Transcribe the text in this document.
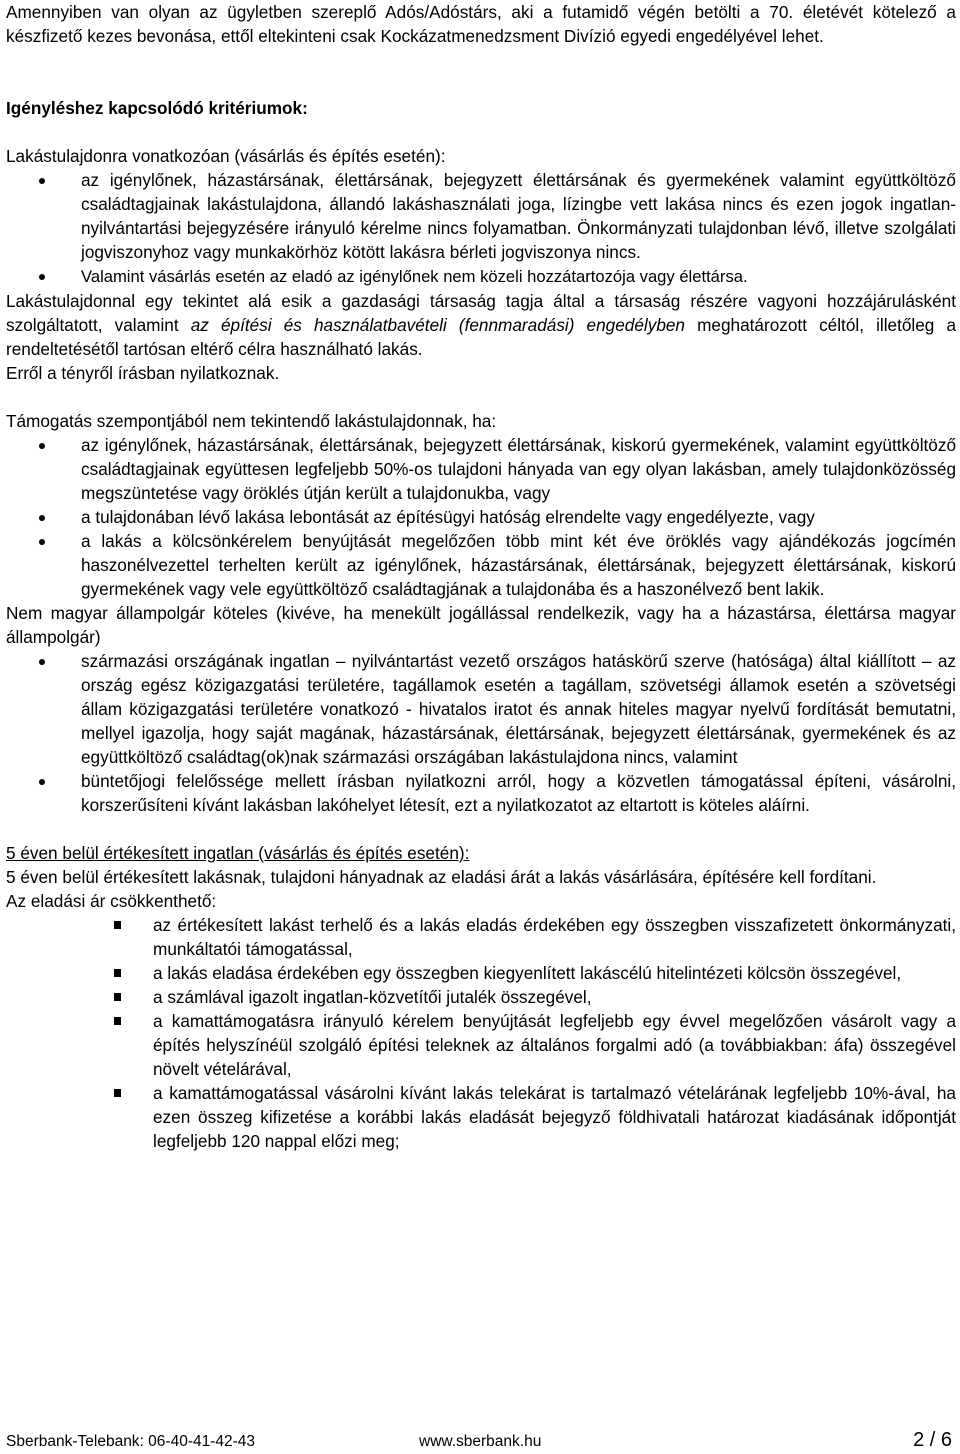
Amennyiben van olyan az ügyletben szereplő Adós/Adóstárs, aki a futamidő végén betölti a 70. életévét kötelező a készfizető kezes bevonása, ettől eltekinteni csak Kockázatmenedzsment Divízió egyedi engedélyével lehet.

Igényléshez kapcsolódó kritériumok:

Lakástulajdonra vonatkozóan (vásárlás és építés esetén):

az igénylőnek, házastársának, élettársának, bejegyzett élettársának és gyermekének valamint együttköltöző családtagjainak lakástulajdona, állandó lakáshasználati joga, lízingbe vett lakása nincs és ezen jogok ingatlan-nyilvántartási bejegyzésére irányuló kérelme nincs folyamatban. Önkormányzati tulajdonban lévő, illetve szolgálati jogviszonyhoz vagy munkakörhöz kötött lakásra bérleti jogviszonya nincs.
Valamint vásárlás esetén az eladó az igénylőnek nem közeli hozzátartozója vagy élettársa.

Lakástulajdonnal egy tekintet alá esik a gazdasági társaság tagja által a társaság részére vagyoni hozzájárulásként szolgáltatott, valamint az építési és használatbavételi (fennmaradási) engedélyben meghatározott céltól, illetőleg a rendeltetésétől tartósan eltérő célra használható lakás.

Erről a tényről írásban nyilatkoznak.

Támogatás szempontjából nem tekintendő lakástulajdonnak, ha:

az igénylőnek, házastársának, élettársának, bejegyzett élettársának, kiskorú gyermekének, valamint együttköltöző családtagjainak együttesen legfeljebb 50%-os tulajdoni hányada van egy olyan lakásban, amely tulajdonközösség megszüntetése vagy öröklés útján került a tulajdonukba, vagy
a tulajdonában lévő lakása lebontását az építésügyi hatóság elrendelte vagy engedélyezte, vagy
a lakás a kölcsönkérelem benyújtását megelőzően több mint két éve öröklés vagy ajándékozás jogcímén haszonélvezettel terhelten került az igénylőnek, házastársának, élettársának, bejegyzett élettársának, kiskorú gyermekének vagy vele együttköltöző családtagjának a tulajdonába és a haszonélvező bent lakik.

Nem magyar állampolgár köteles (kivéve, ha menekült jogállással rendelkezik, vagy ha a házastársa, élettársa magyar állampolgár)

származási országának ingatlan – nyilvántartást vezető országos hatáskörű szerve (hatósága) által kiállított – az ország egész közigazgatási területére, tagállamok esetén a tagállam, szövetségi államok esetén a szövetségi állam közigazgatási területére vonatkozó - hivatalos iratot és annak hiteles magyar nyelvű fordítását bemutatni, mellyel igazolja, hogy saját magának, házastársának, élettársának, bejegyzett élettársának, gyermekének és az együttköltöző családtag(ok)nak származási országában lakástulajdona nincs, valamint
büntetőjogi felelőssége mellett írásban nyilatkozni arról, hogy a közvetlen támogatással építeni, vásárolni, korszerűsíteni kívánt lakásban lakóhelyet létesít, ezt a nyilatkozatot az eltartott is köteles aláírni.

5 éven belül értékesített ingatlan (vásárlás és építés esetén):

5 éven belül értékesített lakásnak, tulajdoni hányadnak az eladási árát a lakás vásárlására, építésére kell fordítani.

Az eladási ár csökkenthető:

az értékesített lakást terhelő és a lakás eladás érdekében egy összegben visszafizetett önkormányzati, munkáltatói támogatással,
a lakás eladása érdekében egy összegben kiegyenlített lakáscélú hitelintézeti kölcsön összegével,
a számlával igazolt ingatlan-közvetítői jutalék összegével,
a kamattámogatásra irányuló kérelem benyújtását legfeljebb egy évvel megelőzően vásárolt vagy a építés helyszínéül szolgáló építési teleknek az általános forgalmi adó (a továbbiakban: áfa) összegével növelt vételárával,
a kamattámogatással vásárolni kívánt lakás telekárat is tartalmazó vételárának legfeljebb 10%-ával, ha ezen összeg kifizetése a korábbi lakás eladását bejegyző földhivatali határozat kiadásának időpontját legfeljebb 120 nappal előzi meg;
Sberbank-Telebank: 06-40-41-42-43	www.sberbank.hu	2 / 6
